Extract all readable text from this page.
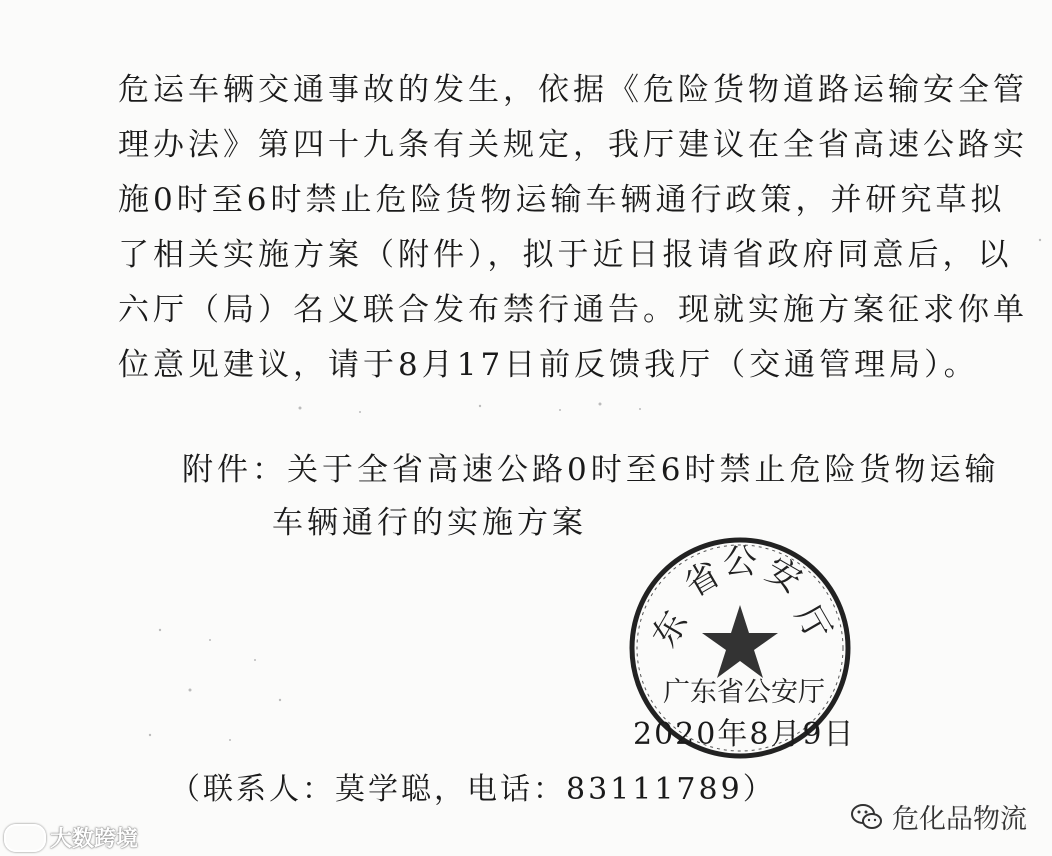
危运车辆交通事故的发生，依据《危险货物道路运输安全管
理办法》第四十九条有关规定，我厅建议在全省高速公路实
施0时至6时禁止危险货物运输车辆通行政策，并研究草拟
了相关实施方案（附件），拟于近日报请省政府同意后，以
六厅（局）名义联合发布禁行通告。现就实施方案征求你单
位意见建议，请于8月17日前反馈我厅（交通管理局）。
附件：关于全省高速公路0时至6时禁止危险货物运输
车辆通行的实施方案
东
省
公 安
厅
广东省公安厅
2020年8月9日
（联系人：莫学聪，电话：83111789）
大数跨境
危化品物流
